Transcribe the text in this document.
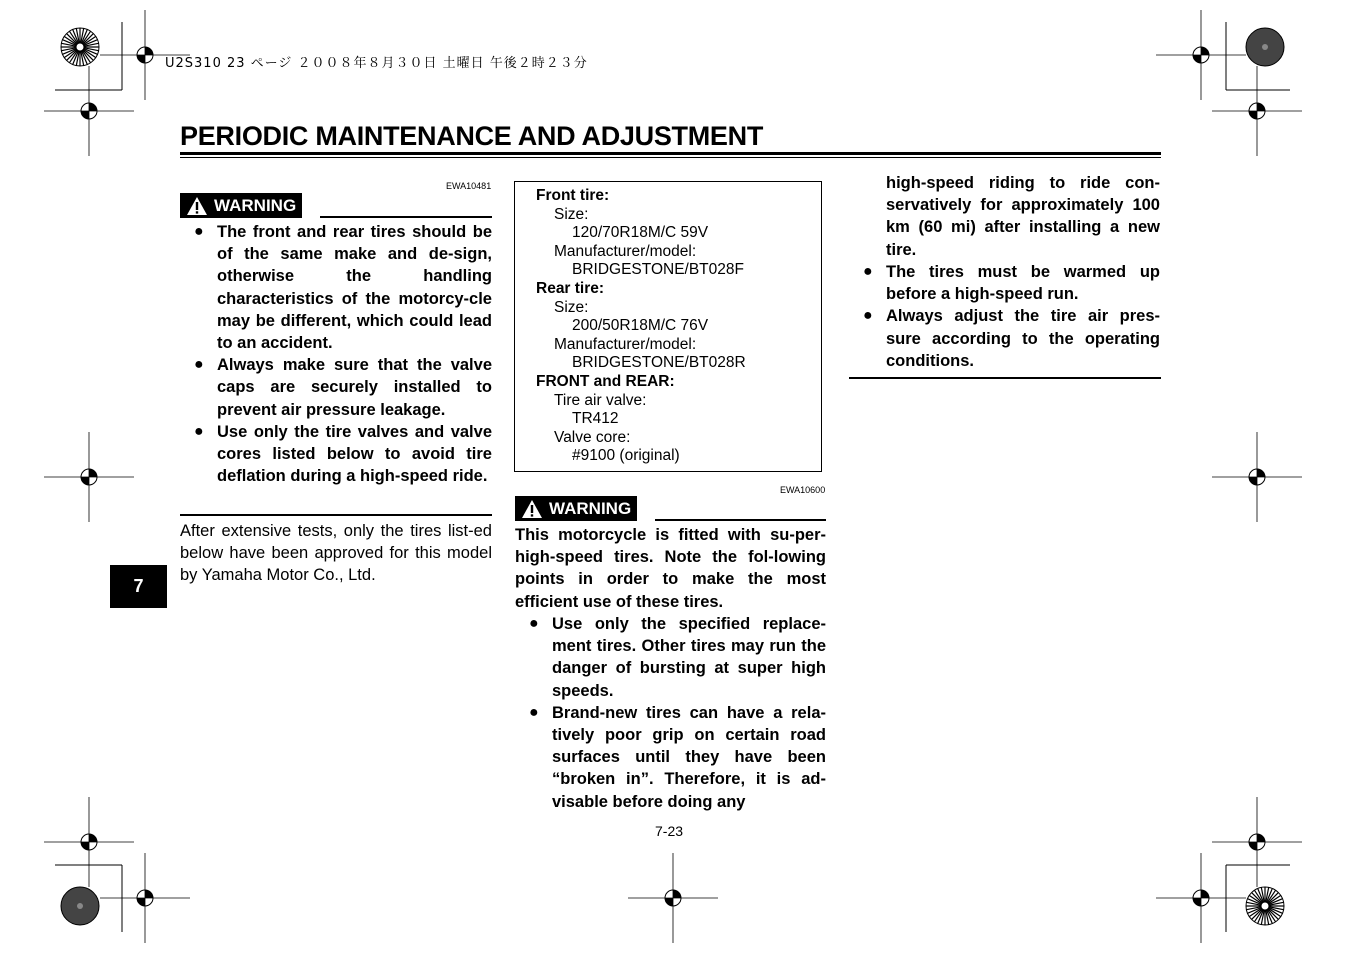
U2S310 23 ページ ２００８年８月３０日 土曜日 午後２時２３分
PERIODIC MAINTENANCE AND ADJUSTMENT
EWA10481
WARNING
● The front and rear tires should be of the same make and de-sign, otherwise the handling characteristics of the motorcy-cle may be different, which could lead to an accident.
● Always make sure that the valve caps are securely installed to prevent air pressure leakage.
● Use only the tire valves and valve cores listed below to avoid tire deflation during a high-speed ride.
After extensive tests, only the tires list-ed below have been approved for this model by Yamaha Motor Co., Ltd.
Front tire:
Size:
120/70R18M/C 59V
Manufacturer/model:
BRIDGESTONE/BT028F
Rear tire:
Size:
200/50R18M/C 76V
Manufacturer/model:
BRIDGESTONE/BT028R
FRONT and REAR:
Tire air valve:
TR412
Valve core:
#9100 (original)
EWA10600
WARNING
This motorcycle is fitted with su-per-high-speed tires. Note the fol-lowing points in order to make the most efficient use of these tires.
● Use only the specified replace-ment tires. Other tires may run the danger of bursting at super high speeds.
● Brand-new tires can have a rela-tively poor grip on certain road surfaces until they have been “broken in”. Therefore, it is ad-visable before doing any
high-speed riding to ride con-servatively for approximately 100 km (60 mi) after installing a new tire.
● The tires must be warmed up before a high-speed run.
● Always adjust the tire air pres-sure according to the operating conditions.
7
7-23
